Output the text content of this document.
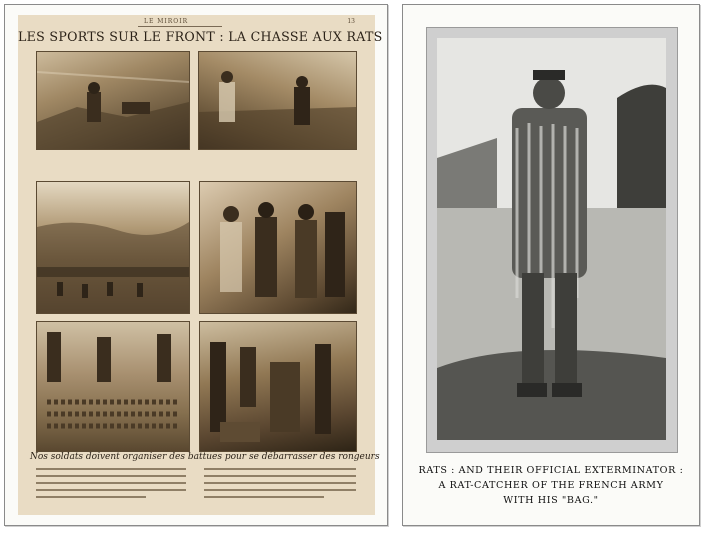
LE MIROIR	13
LES SPORTS SUR LE FRONT : LA CHASSE AUX RATS
Nos soldats doivent organiser des battues pour se débarrasser des rongeurs
RATS : AND THEIR OFFICIAL EXTERMINATOR :
A RAT-CATCHER OF THE FRENCH ARMY
WITH HIS "BAG."
